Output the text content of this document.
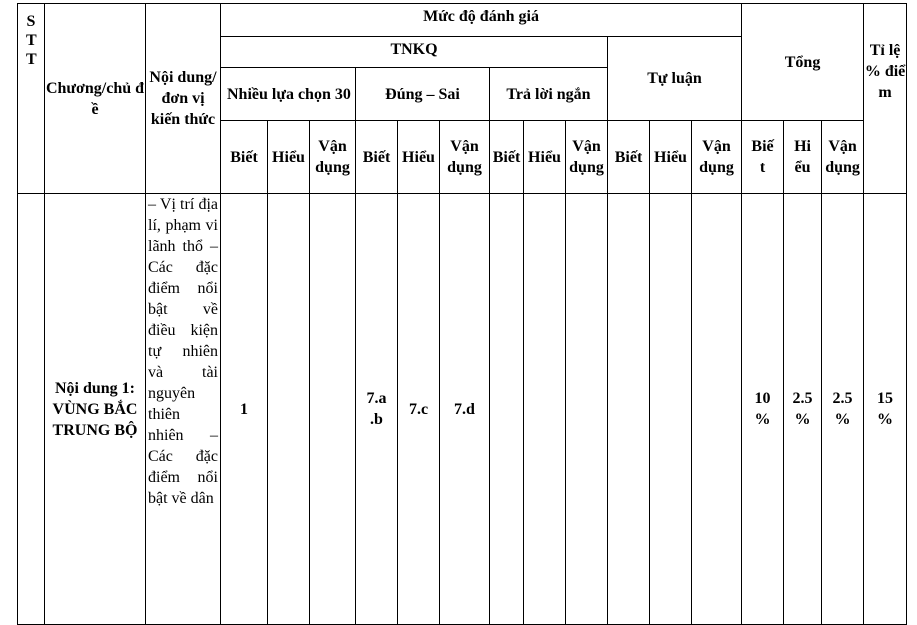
STT	Chương/chủ đề	Nội dung/ đơn vị kiến thức	Mức độ đánh giá												Tổng			Tỉ lệ % điểm
			TNKQ									Tự luận						
			Nhiều lựa chọn 30			Đúng – Sai			Trả lời ngắn									
			Biết	Hiểu	Vận dụng	Biết	Hiểu	Vận dụng	Biết	Hiểu	Vận dụng	Biết	Hiểu	Vận dụng	Biết	Hiểu	Vận dụng	
	Nội dung 1: VÙNG BẮC TRUNG BỘ	– Vị trí địa lí, phạm vi lãnh thổ – Các đặc điểm nổi bật về điều kiện tự nhiên và tài nguyên thiên nhiên – Các đặc điểm nổi bật về dân	1			7.a .b	7.c	7.d							10 %	2.5 %	2.5 %	15 %
